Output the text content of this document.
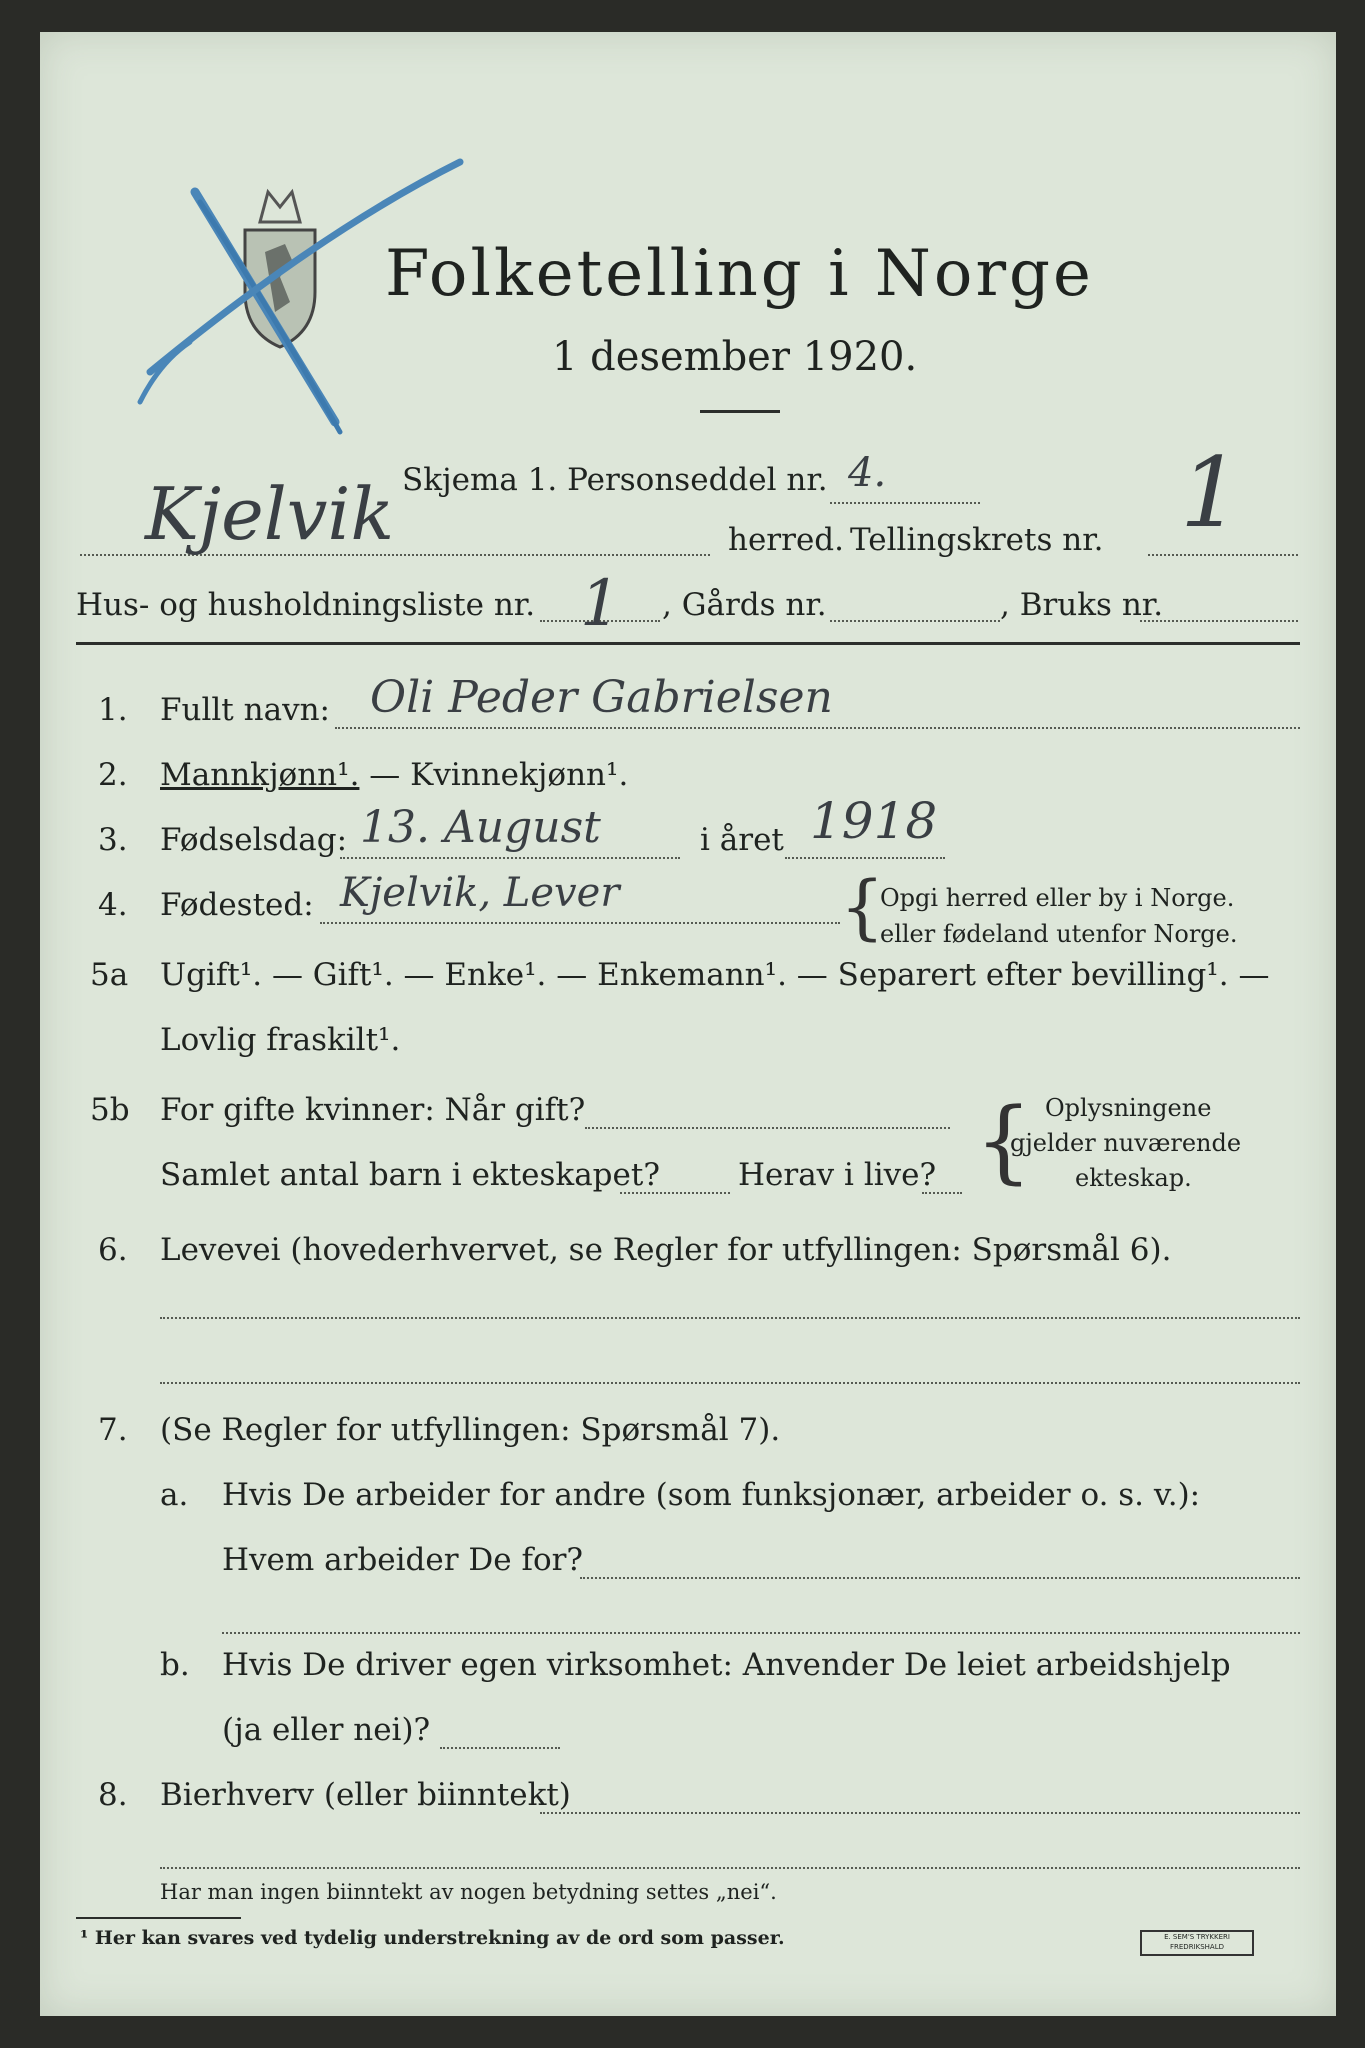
Folketelling i Norge
1 desember 1920.
Skjema 1. Personseddel nr. 4.
Kjelvik	herred. Tellingskrets nr. 1
Hus- og husholdningsliste nr. 1 , Gårds nr.	, Bruks nr.
1. Fullt navn: Oli Peder Gabrielsen
2. Mannkjønn¹. — Kvinnekjønn¹.
3. Fødselsdag: 13. August	i året 1918
4. Fødested: Kjelvik, Lever	{
Opgi herred eller by i Norge.
eller fødeland utenfor Norge.
5a Ugift¹. — Gift¹. — Enke¹. — Enkemann¹. — Separert efter bevilling¹. —
Lovlig fraskilt¹.
5b For gifte kvinner: Når gift?
Samlet antal barn i ekteskapet?	Herav i live? { Oplysningene
gjelder nuværende
ekteskap.
6. Levevei (hovederhvervet, se Regler for utfyllingen: Spørsmål 6).
7. (Se Regler for utfyllingen: Spørsmål 7).
a. Hvis De arbeider for andre (som funksjonær, arbeider o. s. v.):
Hvem arbeider De for?
b. Hvis De driver egen virksomhet: Anvender De leiet arbeidshjelp
(ja eller nei)?
8. Bierhverv (eller biinntekt)
Har man ingen biinntekt av nogen betydning settes „nei“.
¹ Her kan svares ved tydelig understrekning av de ord som passer.	E. SEM'S TRYKKERI FREDRIKSHALD
